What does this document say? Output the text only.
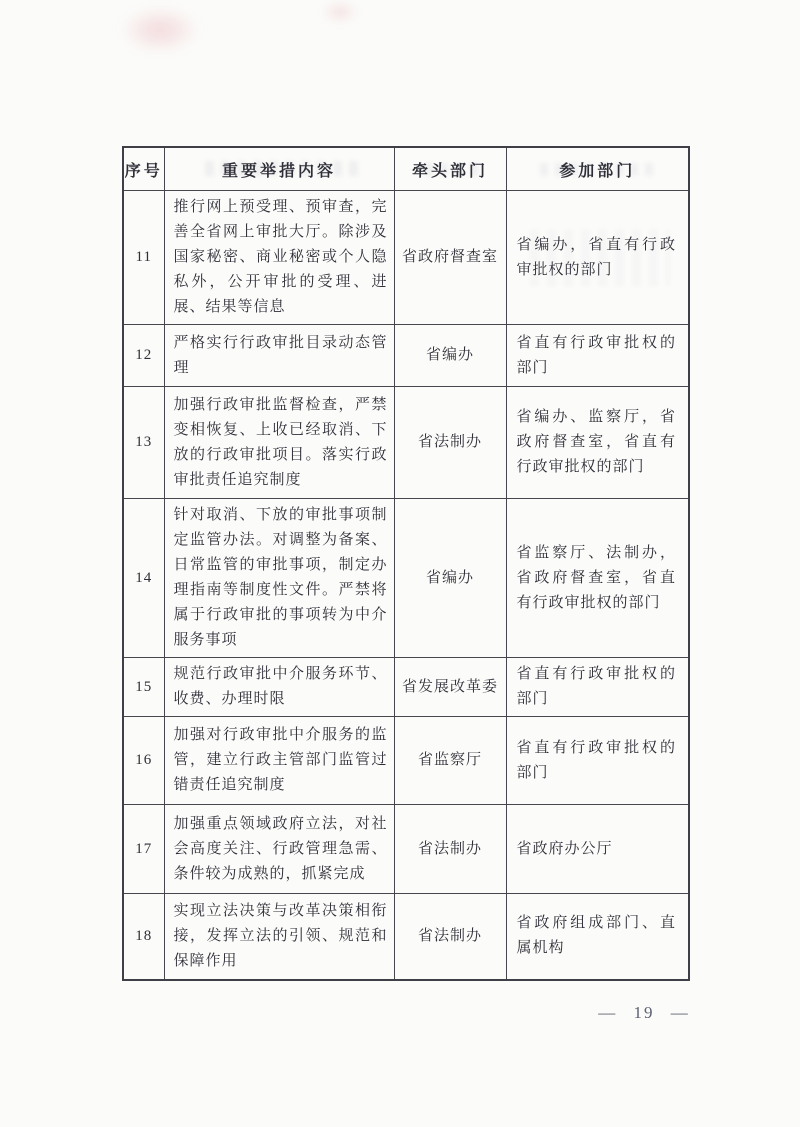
序号	重要举措内容	牵头部门	参加部门
11	推行网上预受理、预审查，完善全省网上审批大厅。除涉及国家秘密、商业秘密或个人隐私外，公开审批的受理、进展、结果等信息	省政府督查室	省编办，省直有行政审批权的部门
12	严格实行行政审批目录动态管理	省编办	省直有行政审批权的部门
13	加强行政审批监督检查，严禁变相恢复、上收已经取消、下放的行政审批项目。落实行政审批责任追究制度	省法制办	省编办、监察厅，省政府督查室，省直有行政审批权的部门
14	针对取消、下放的审批事项制定监管办法。对调整为备案、日常监管的审批事项，制定办理指南等制度性文件。严禁将属于行政审批的事项转为中介服务事项	省编办	省监察厅、法制办，省政府督查室，省直有行政审批权的部门
15	规范行政审批中介服务环节、收费、办理时限	省发展改革委	省直有行政审批权的部门
16	加强对行政审批中介服务的监管，建立行政主管部门监管过错责任追究制度	省监察厅	省直有行政审批权的部门
17	加强重点领域政府立法，对社会高度关注、行政管理急需、条件较为成熟的，抓紧完成	省法制办	省政府办公厅
18	实现立法决策与改革决策相衔接，发挥立法的引领、规范和保障作用	省法制办	省政府组成部门、直属机构
— 19 —
